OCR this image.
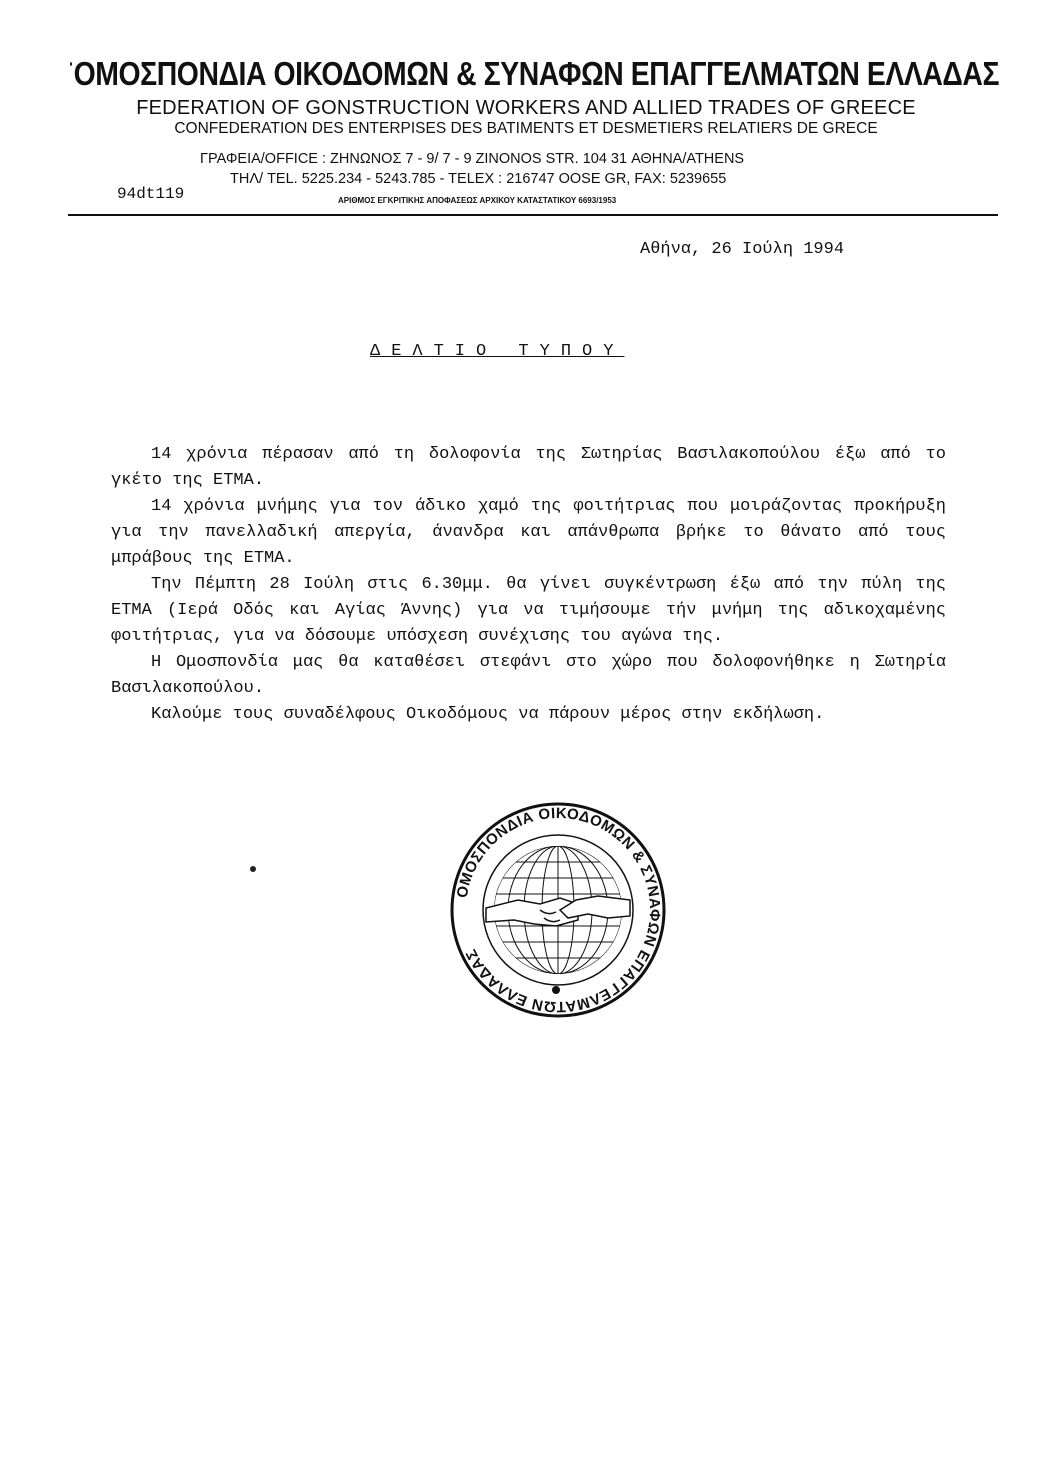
ΟΜΟΣΠΟΝΔΙΑ ΟΙΚΟΔΟΜΩΝ & ΣΥΝΑΦΩΝ ΕΠΑΓΓΕΛΜΑΤΩΝ ΕΛΛΑΔΑΣ
FEDERATION OF GONSTRUCTION WORKERS AND ALLIED TRADES OF GREECE
CONFEDERATION DES ENTERPISES DES BATIMENTS ET DESMETIERS RELATIERS DE GRECE
ΓΡΑΦΕΙΑ/OFFICE : ΖΗΝΩΝΟΣ 7 - 9/ 7 - 9 ZINONOS STR. 104 31 ΑΘΗΝΑ/ATHENS
ΤΗΛ/ TEL. 5225.234 - 5243.785 - TELEX : 216747 OOSE GR, FAX: 5239655
94dt119	ΑΡΙΘΜΟΣ ΕΓΚΡΙΤΙΚΗΣ ΑΠΟΦΑΣΕΩΣ ΑΡΧΙΚΟΥ ΚΑΤΑΣΤΑΤΙΚΟΥ 6693/1953
Αθήνα, 26 Ιούλη 1994
ΔΕΛΤΙΟ ΤΥΠΟΥ

14 χρόνια πέρασαν από τη δολοφονία της Σωτηρίας Βασιλακοπούλου έξω από το γκέτο της ΕΤΜΑ.

14 χρόνια μνήμης για τον άδικο χαμό της φοιτήτριας που μοιράζοντας προκήρυξη για την πανελλαδική απεργία, άνανδρα και απάνθρωπα βρήκε το θάνατο από τους μπράβους της ΕΤΜΑ.

Την Πέμπτη 28 Ιούλη στις 6.30μμ. θα γίνει συγκέντρωση έξω από την πύλη της ΕΤΜΑ (Ιερά Οδός και Αγίας Άννης) για να τιμήσουμε τήν μνήμη της αδικοχαμένης φοιτήτριας, για να δόσουμε υπόσχεση συνέχισης του αγώνα της.

Η Ομοσπονδία μας θα καταθέσει στεφάνι στο χώρο που δολοφονήθηκε η Σωτηρία Βασιλακοπούλου.

Καλούμε τους συναδέλφους Οικοδόμους να πάρουν μέρος στην εκδήλωση.

ΟΜΟΣΠΟΝΔΙΑ ΟΙΚΟΔΟΜΩΝ & ΣΥΝΑΦΩΝ ΕΠΑΓΓΕΛΜΑΤΩΝ ΕΛΛΑΔΑΣ
